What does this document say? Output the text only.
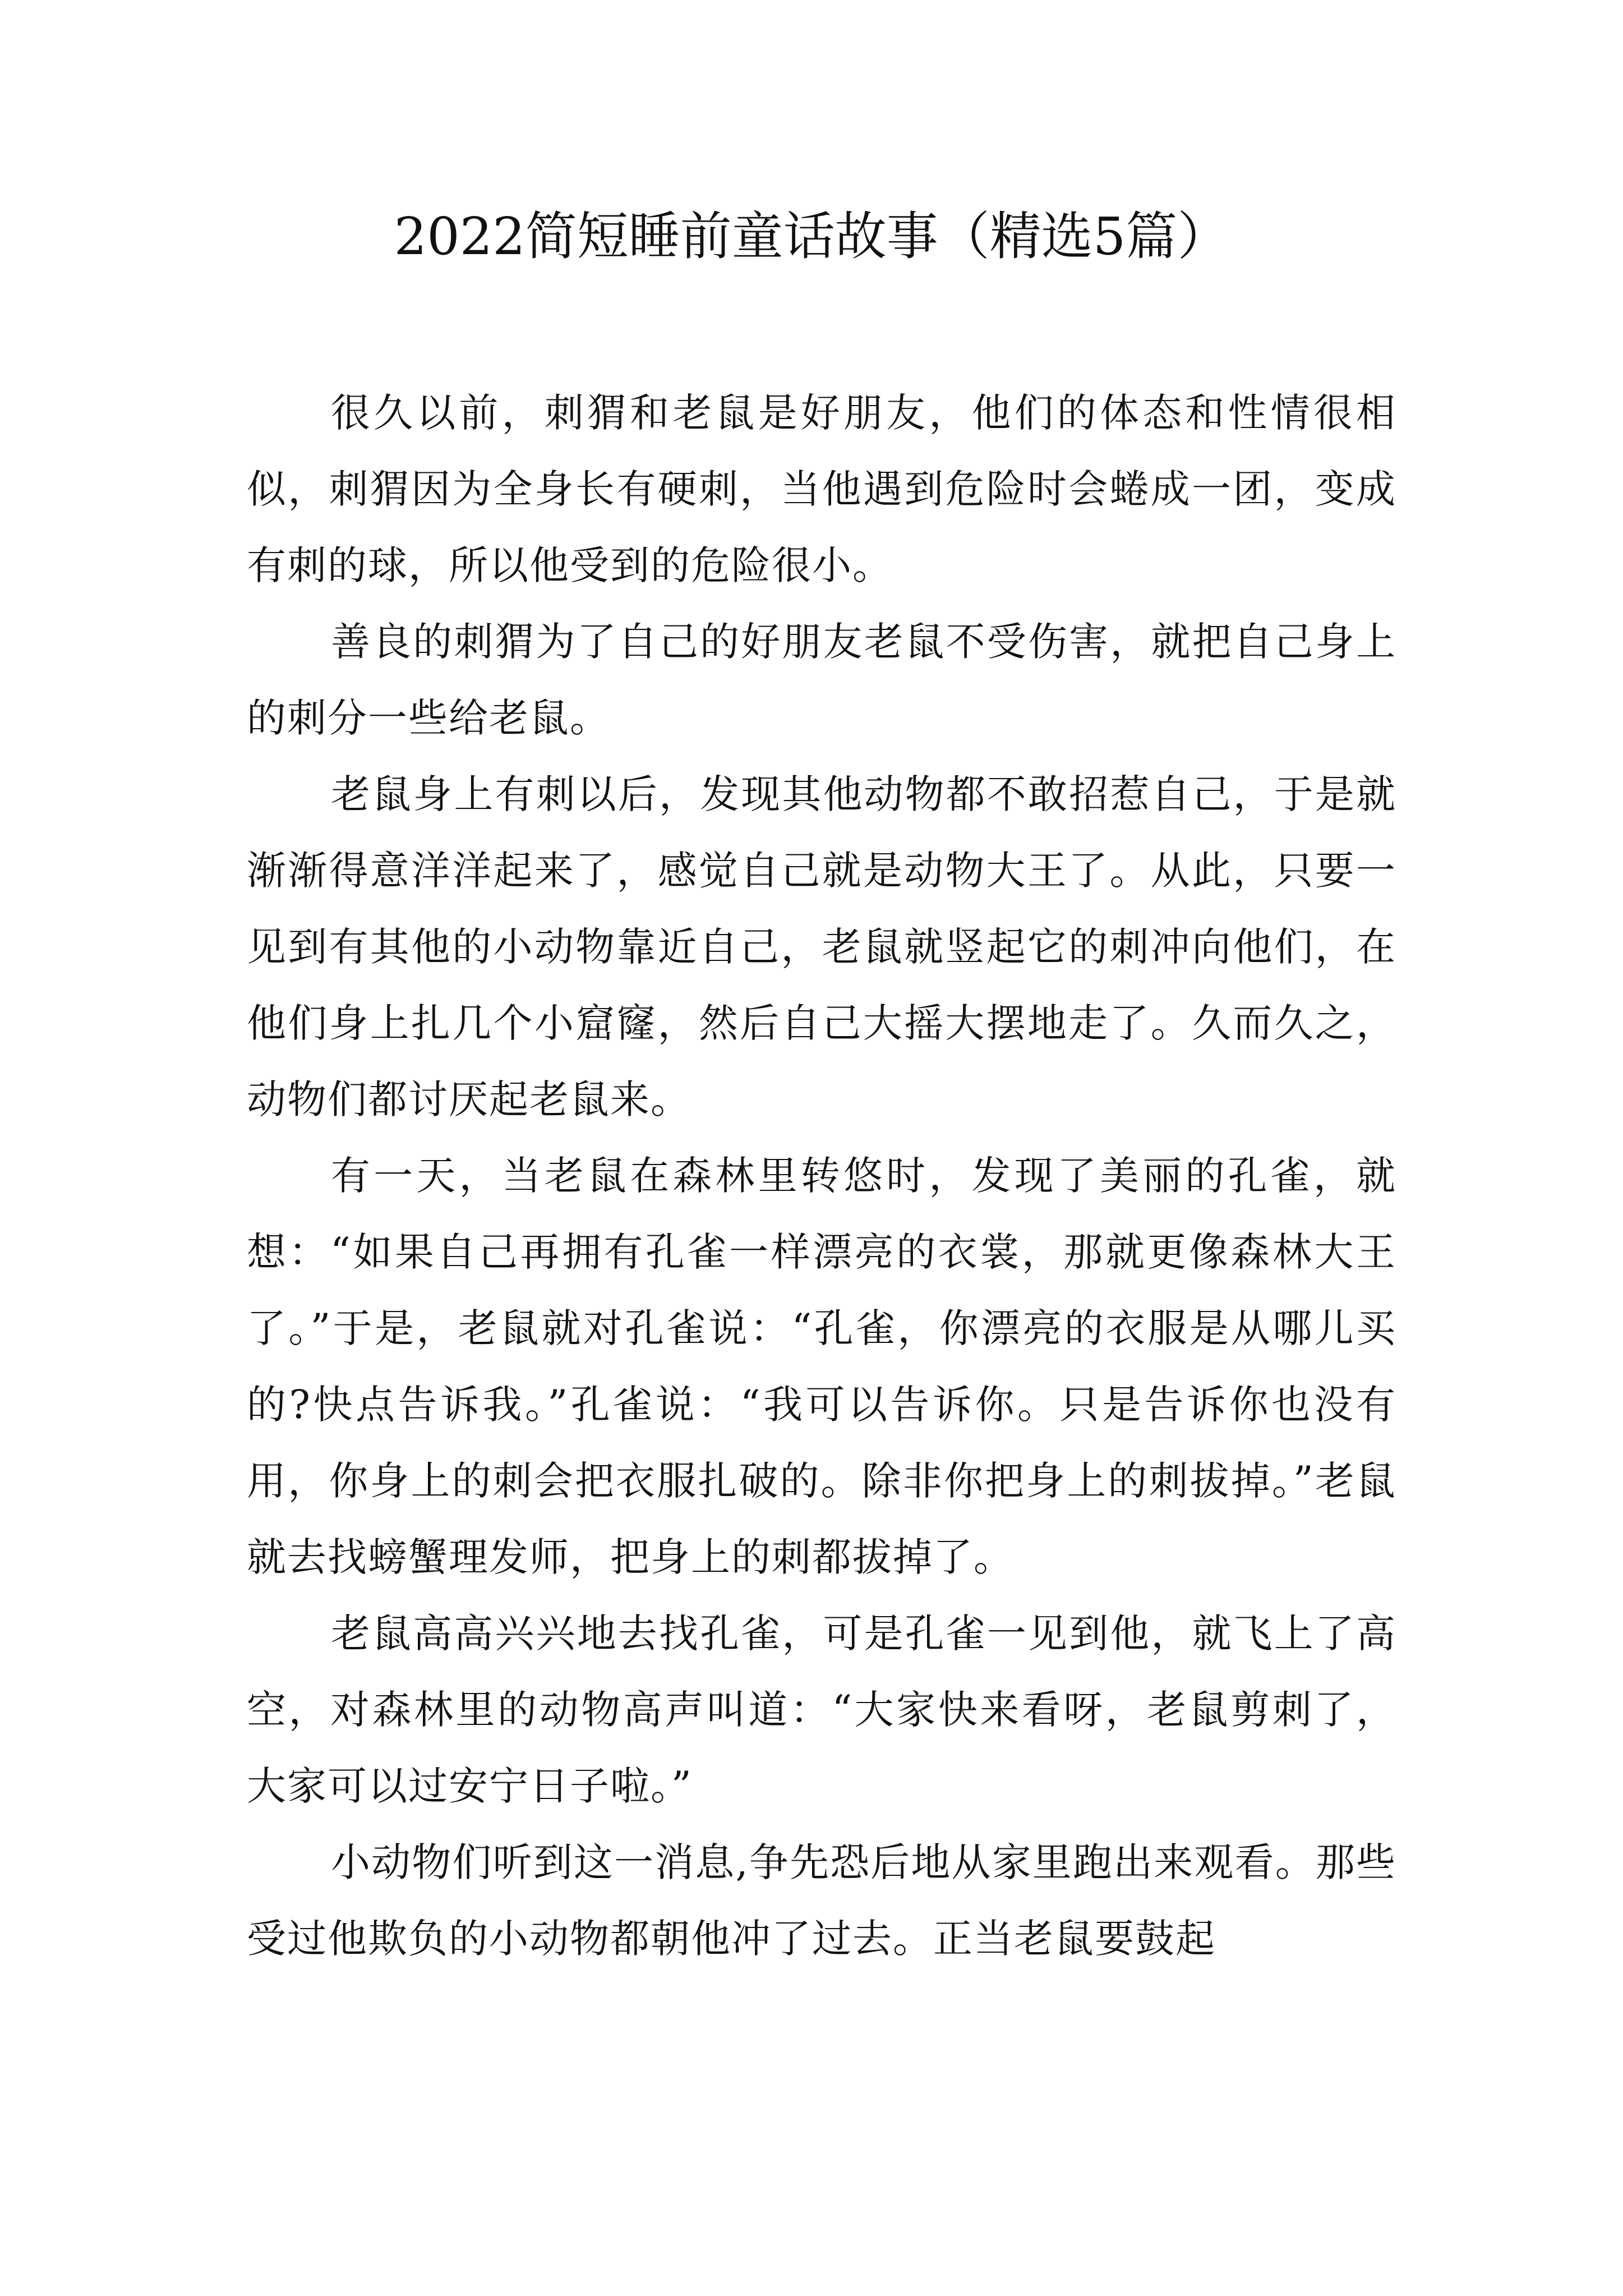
2022简短睡前童话故事（精选5篇）

很久以前，刺猬和老鼠是好朋友，他们的体态和性情很相似，刺猬因为全身长有硬刺，当他遇到危险时会蜷成一团，变成有刺的球，所以他受到的危险很小。

善良的刺猬为了自己的好朋友老鼠不受伤害，就把自己身上的刺分一些给老鼠。

老鼠身上有刺以后，发现其他动物都不敢招惹自己，于是就渐渐得意洋洋起来了，感觉自己就是动物大王了。从此，只要一见到有其他的小动物靠近自己，老鼠就竖起它的刺冲向他们，在他们身上扎几个小窟窿，然后自己大摇大摆地走了。久而久之，动物们都讨厌起老鼠来。

有一天，当老鼠在森林里转悠时，发现了美丽的孔雀，就想：“如果自己再拥有孔雀一样漂亮的衣裳，那就更像森林大王了。”于是，老鼠就对孔雀说：“孔雀，你漂亮的衣服是从哪儿买的?快点告诉我。”孔雀说：“我可以告诉你。只是告诉你也没有用，你身上的刺会把衣服扎破的。除非你把身上的刺拔掉。”老鼠就去找螃蟹理发师，把身上的刺都拔掉了。

老鼠高高兴兴地去找孔雀，可是孔雀一见到他，就飞上了高空，对森林里的动物高声叫道：“大家快来看呀，老鼠剪刺了，大家可以过安宁日子啦。”

小动物们听到这一消息,争先恐后地从家里跑出来观看。那些受过他欺负的小动物都朝他冲了过去。正当老鼠要鼓起
